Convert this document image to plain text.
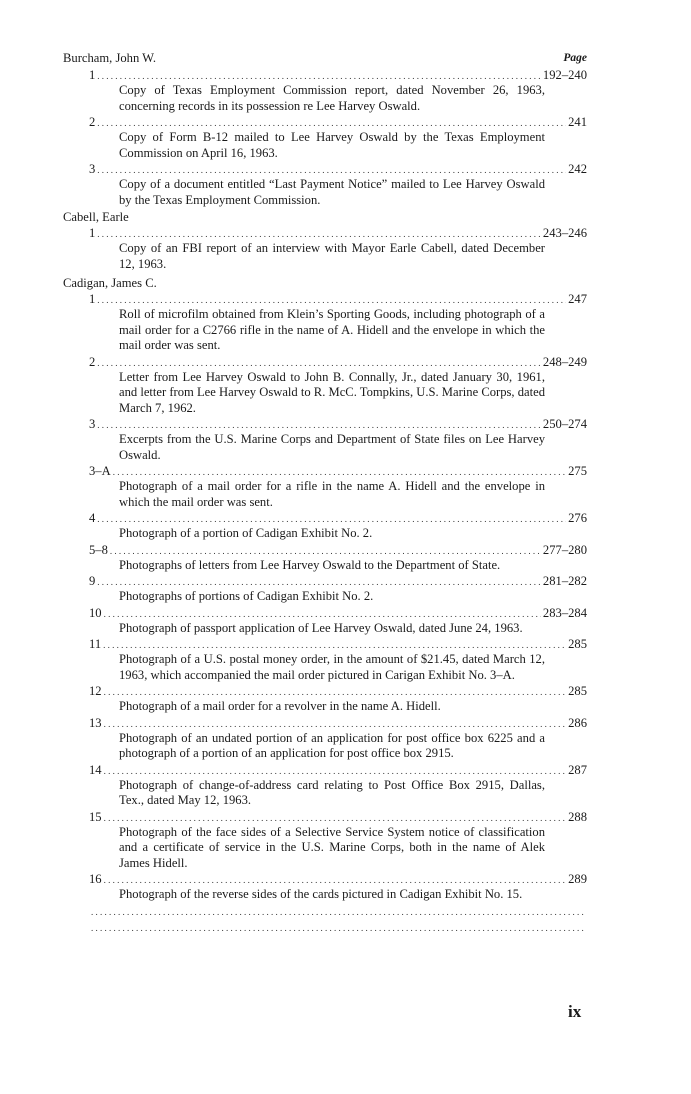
Burcham, John W.	Page
1 . . .	192–240
Copy of Texas Employment Commission report, dated November 26, 1963, concerning records in its possession re Lee Harvey Oswald.
2 . . .	241
Copy of Form B-12 mailed to Lee Harvey Oswald by the Texas Employment Commission on April 16, 1963.
3 . . .	242
Copy of a document entitled “Last Payment Notice” mailed to Lee Harvey Oswald by the Texas Employment Commission.
Cabell, Earle
1 . . .	243–246
Copy of an FBI report of an interview with Mayor Earle Cabell, dated December 12, 1963.
Cadigan, James C.
1 . . .	247
Roll of microfilm obtained from Klein’s Sporting Goods, including photograph of a mail order for a C2766 rifle in the name of A. Hidell and the envelope in which the mail order was sent.
2 . . .	248–249
Letter from Lee Harvey Oswald to John B. Connally, Jr., dated January 30, 1961, and letter from Lee Harvey Oswald to R. McC. Tompkins, U.S. Marine Corps, dated March 7, 1962.
3 . . .	250–274
Excerpts from the U.S. Marine Corps and Department of State files on Lee Harvey Oswald.
3–A . . .	275
Photograph of a mail order for a rifle in the name A. Hidell and the envelope in which the mail order was sent.
4 . . .	276
Photograph of a portion of Cadigan Exhibit No. 2.
5–8 . . .	277–280
Photographs of letters from Lee Harvey Oswald to the Department of State.
9 . . .	281–282
Photographs of portions of Cadigan Exhibit No. 2.
10 . . .	283–284
Photograph of passport application of Lee Harvey Oswald, dated June 24, 1963.
11 . . .	285
Photograph of a U.S. postal money order, in the amount of $21.45, dated March 12, 1963, which accompanied the mail order pictured in Carigan Exhibit No. 3–A.
12 . . .	285
Photograph of a mail order for a revolver in the name A. Hidell.
13 . . .	286
Photograph of an undated portion of an application for post office box 6225 and a photograph of a portion of an application for post office box 2915.
14 . . .	287
Photograph of change-of-address card relating to Post Office Box 2915, Dallas, Tex., dated May 12, 1963.
15 . . .	288
Photograph of the face sides of a Selective Service System notice of classification and a certificate of service in the U.S. Marine Corps, both in the name of Alek James Hidell.
16 . . .	289
Photograph of the reverse sides of the cards pictured in Cadigan Exhibit No. 15.
. . .
. . .
ix
